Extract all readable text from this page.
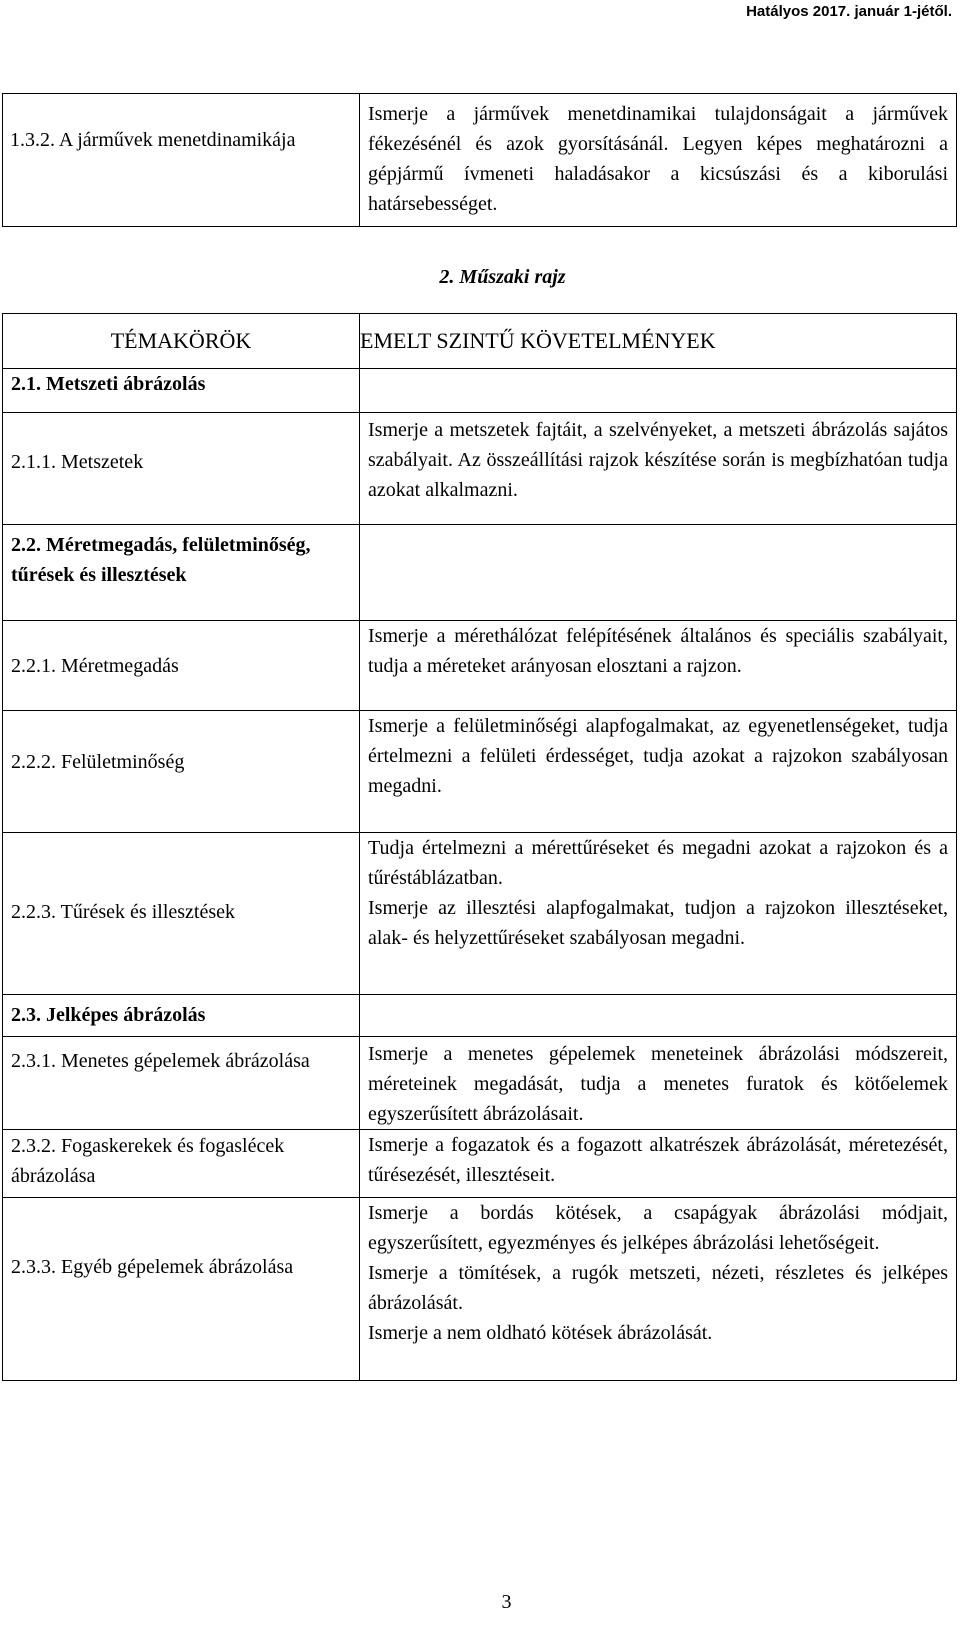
Hatályos 2017. január 1-jétől.
1.3.2. A járművek menetdinamikája	Ismerje a járművek menetdinamikai tulajdonságait a járművek fékezésénél és azok gyorsításánál. Legyen képes meghatározni a gépjármű ívmeneti haladásakor a kicsúszási és a kiborulási határsebességet.
2. Műszaki rajz
TÉMAKÖRÖK	EMELT SZINTŰ KÖVETELMÉNYEK
2.1. Metszeti ábrázolás	
2.1.1. Metszetek	Ismerje a metszetek fajtáit, a szelvényeket, a metszeti ábrázolás sajátos szabályait. Az összeállítási rajzok készítése során is megbízhatóan tudja azokat alkalmazni.
2.2. Méretmegadás, felületminőség, tűrések és illesztések	
2.2.1. Méretmegadás	Ismerje a mérethálózat felépítésének általános és speciális szabályait, tudja a méreteket arányosan elosztani a rajzon.
2.2.2. Felületminőség	Ismerje a felületminőségi alapfogalmakat, az egyenetlenségeket, tudja értelmezni a felületi érdességet, tudja azokat a rajzokon szabályosan megadni.
2.2.3. Tűrések és illesztések	Tudja értelmezni a mérettűréseket és megadni azokat a rajzokon és a tűréstáblázatban.
Ismerje az illesztési alapfogalmakat, tudjon a rajzokon illesztéseket, alak- és helyzettűréseket szabályosan megadni.

2.3. Jelképes ábrázolás	
2.3.1. Menetes gépelemek ábrázolása	Ismerje a menetes gépelemek meneteinek ábrázolási módszereit, méreteinek megadását, tudja a menetes furatok és kötőelemek egyszerűsített ábrázolásait.
2.3.2. Fogaskerekek és fogaslécek ábrázolása	Ismerje a fogazatok és a fogazott alkatrészek ábrázolását, méretezését, tűrésezését, illesztéseit.
2.3.3. Egyéb gépelemek ábrázolása	Ismerje a bordás kötések, a csapágyak ábrázolási módjait, egyszerűsített, egyezményes és jelképes ábrázolási lehetőségeit.
Ismerje a tömítések, a rugók metszeti, nézeti, részletes és jelképes ábrázolását.
Ismerje a nem oldható kötések ábrázolását.
3
